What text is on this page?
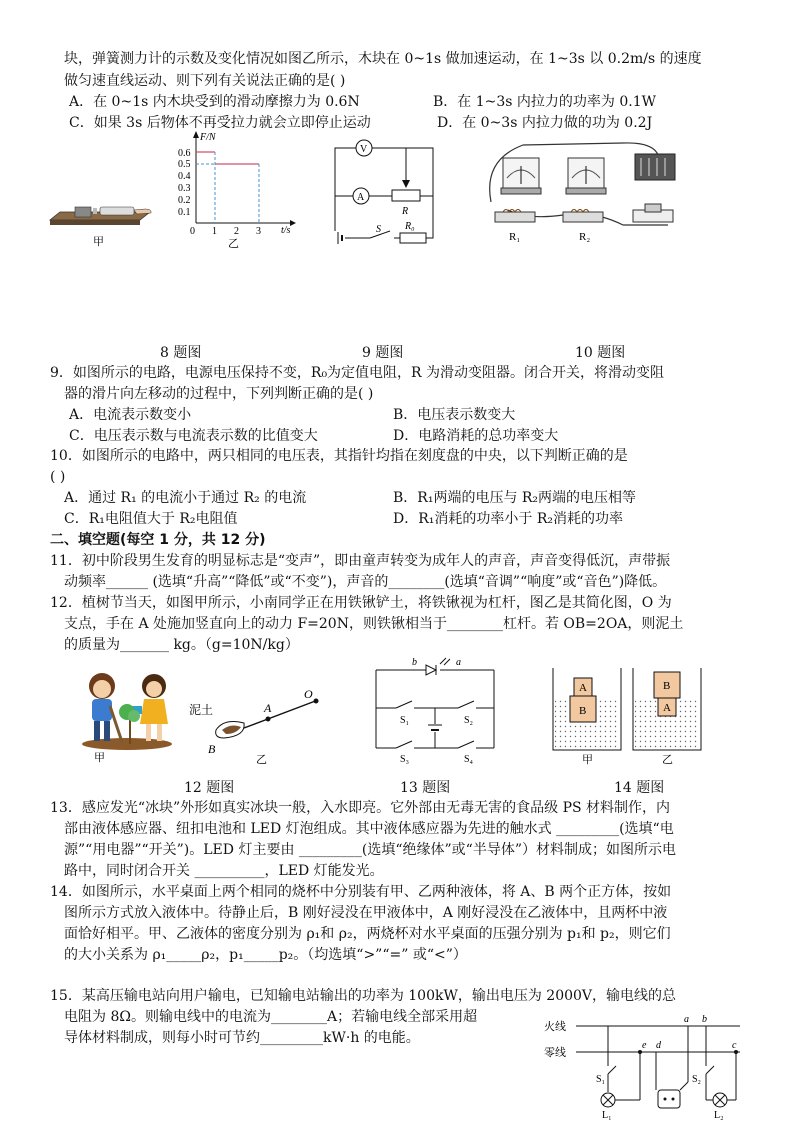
块，弹簧测力计的示数及变化情况如图乙所示，木块在 0~1s 做加速运动，在 1~3s 以 0.2m/s 的速度
做匀速直线运动、则下列有关说法正确的是( )
A．在 0~1s 内木块受到的滑动摩擦力为 0.6N	B．在 1~3s 内拉力的功率为 0.1W
C．如果 3s 后物体不再受拉力就会立即停止运动	D．在 0~3s 内拉力做的功为 0.2J
甲
F/N
t/s
0
0.6
0.5
0.4
0.3
0.2
0.1
1 2 3
乙
V
A
R
S R₀
R₁	R₂
8 题图	9 题图	10 题图
9．如图所示的电路，电源电压保持不变，R₀为定值电阻，R 为滑动变阻器。闭合开关，将滑动变阻
器的滑片向左移动的过程中，下列判断正确的是( )
A．电流表示数变小	B．电压表示数变大
C．电压表示数与电流表示数的比值变大	D．电路消耗的总功率变大
10．如图所示的电路中，两只相同的电压表，其指针均指在刻度盘的中央，以下判断正确的是
( )
A．通过 R₁ 的电流小于通过 R₂ 的电流	B．R₁两端的电压与 R₂两端的电压相等
C．R₁电阻值大于 R₂电阻值	D．R₁消耗的功率小于 R₂消耗的功率
二、填空题(每空 1 分，共 12 分)
11．初中阶段男生发育的明显标志是“变声”，即由童声转变为成年人的声音，声音变得低沉，声带振
动频率______ (选填“升高”“降低”或“不变”)，声音的________(选填“音调”“响度”或“音色”)降低。
12．植树节当天，如图甲所示，小南同学正在用铁锹铲土，将铁锹视为杠杆，图乙是其简化图，O 为
支点，手在 A 处施加竖直向上的动力 F=20N，则铁锹相当于________杠杆。若 OB=2OA，则泥土
的质量为_______ kg。（g=10N/kg）
甲
泥土	A
O
B
乙
b	a
S₁	S₂
S₃	S₄
A
B
B
A
甲	乙
12 题图	13 题图	14 题图
13．感应发光“冰块”外形如真实冰块一般，入水即亮。它外部由无毒无害的食品级 PS 材料制作，内
部由液体感应器、纽扣电池和 LED 灯泡组成。其中液体感应器为先进的触水式 _________(选填“电
源”“用电器”“开关”)。LED 灯主要由 _________(选填“绝缘体”或“半导体”）材料制成；如图所示电
路中，同时闭合开关 __________，LED 灯能发光。
14．如图所示，水平桌面上两个相同的烧杯中分别装有甲、乙两种液体，将 A、B 两个正方体，按如
图所示方式放入液体中。待静止后，B 刚好浸没在甲液体中，A 刚好浸没在乙液体中，且两杯中液
面恰好相平。甲、乙液体的密度分别为 ρ₁和 ρ₂，两烧杯对水平桌面的压强分别为 p₁和 p₂，则它们
的大小关系为 ρ₁_____ρ₂，p₁_____p₂。（均选填“>”“=” 或“<”）
15．某高压输电站向用户输电，已知输电站输出的功率为 100kW，输出电压为 2000V，输电线的总
电阻为 8Ω。则输电线中的电流为________A；若输电线全部采用超
导体材料制成，则每小时可节约_________kW·h 的电能。
火线
零线
S₁
L₁
e d
a b
c
S₂
L₂
